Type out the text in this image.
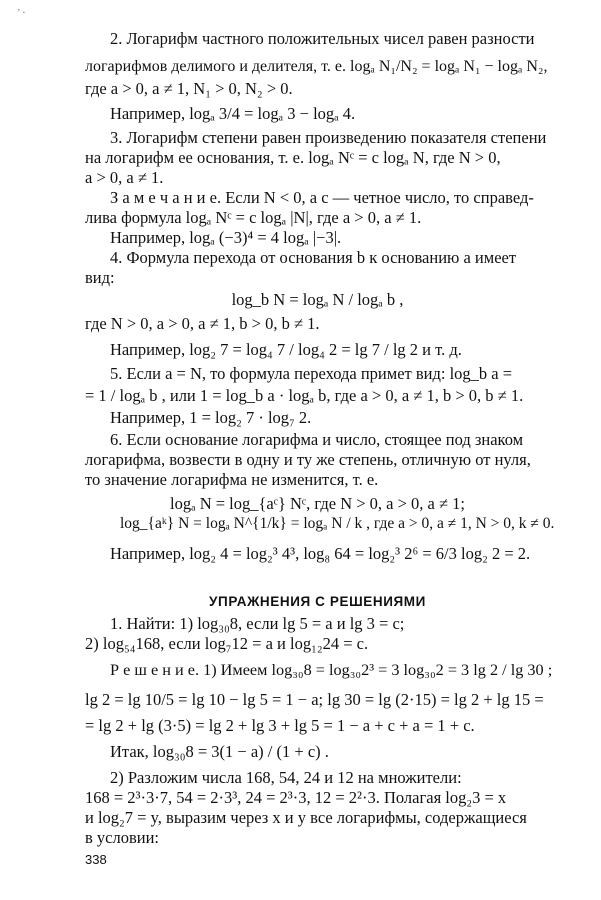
' ·
2. Логарифм частного положительных чисел равен разности
логарифмов делимого и делителя, т. е. logₐ N₁/N₂ = logₐ N₁ − logₐ N₂,
где a > 0, a ≠ 1, N₁ > 0, N₂ > 0.
Например, logₐ 3/4 = logₐ 3 − logₐ 4.
3. Логарифм степени равен произведению показателя степени
на логарифм ее основания, т. е. logₐ Nᶜ = c logₐ N, где N > 0,
a > 0, a ≠ 1.
З а м е ч а н и е. Если N < 0, а c — четное число, то справед-
лива формула logₐ Nᶜ = c logₐ |N|, где a > 0, a ≠ 1.
Например, logₐ (−3)⁴ = 4 logₐ |−3|.
4. Формула перехода от основания b к основанию a имеет
вид:
log_b N = logₐ N / logₐ b ,
где N > 0, a > 0, a ≠ 1, b > 0, b ≠ 1.
Например, log₂ 7 = log₄ 7 / log₄ 2 = lg 7 / lg 2 и т. д.
5. Если a = N, то формула перехода примет вид: log_b a =
= 1 / logₐ b , или 1 = log_b a · logₐ b, где a > 0, a ≠ 1, b > 0, b ≠ 1.
Например, 1 = log₂ 7 · log₇ 2.
6. Если основание логарифма и число, стоящее под знаком
логарифма, возвести в одну и ту же степень, отличную от нуля,
то значение логарифма не изменится, т. е.
logₐ N = log_{aᶜ} Nᶜ, где N > 0, a > 0, a ≠ 1;
log_{aᵏ} N = logₐ N^{1/k} = logₐ N / k , где a > 0, a ≠ 1, N > 0, k ≠ 0.
Например, log₂ 4 = log₂³ 4³, log₈ 64 = log₂³ 2⁶ = 6/3 log₂ 2 = 2.
УПРАЖНЕНИЯ С РЕШЕНИЯМИ
1. Найти: 1) log₃₀8, если lg 5 = a и lg 3 = c;
2) log₅₄168, если log₇12 = a и log₁₂24 = c.
Р е ш е н и е. 1) Имеем log₃₀8 = log₃₀2³ = 3 log₃₀2 = 3 lg 2 / lg 30 ;
lg 2 = lg 10/5 = lg 10 − lg 5 = 1 − a; lg 30 = lg (2·15) = lg 2 + lg 15 =
= lg 2 + lg (3·5) = lg 2 + lg 3 + lg 5 = 1 − a + c + a = 1 + c.
Итак, log₃₀8 = 3(1 − a) / (1 + c) .
2) Разложим числа 168, 54, 24 и 12 на множители:
168 = 2³·3·7, 54 = 2·3³, 24 = 2³·3, 12 = 2²·3. Полагая log₂3 = x
и log₂7 = y, выразим через x и y все логарифмы, содержащиеся
в условии:
338
